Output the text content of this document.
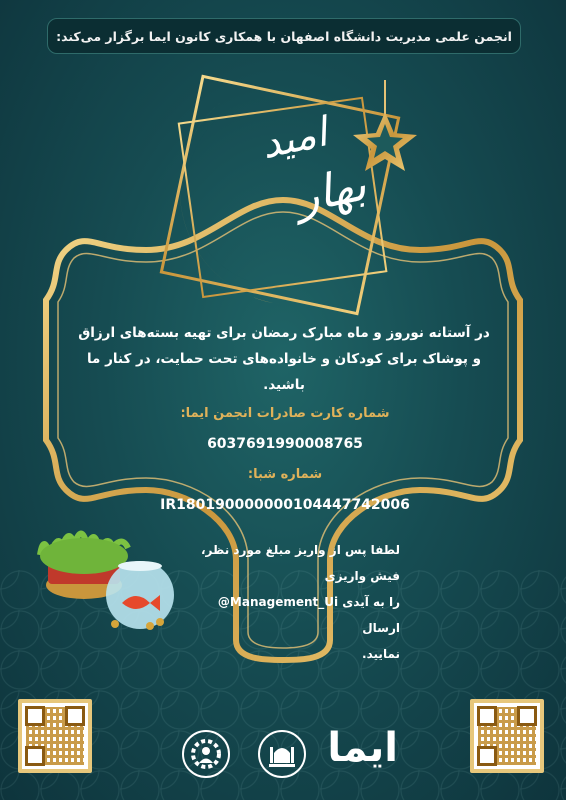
انجمن علمی مدیریت دانشگاه اصفهان با همکاری کانون ایما برگزار می‌کند:
امید
بهار
در آستانه نوروز و ماه مبارک رمضان برای تهیه بسته‌های ارزاق و پوشاک برای کودکان و خانواده‌های تحت حمایت، در کنار ما باشید.
شماره کارت صادرات انجمن ایما:
6037691990008765
شماره شبا:
IR180190000000104447742006
لطفا پس از واریز مبلغ مورد نظر، فیش واریزی
را به آیدی Management_Ui@ ارسال
نمایید.
ایما
